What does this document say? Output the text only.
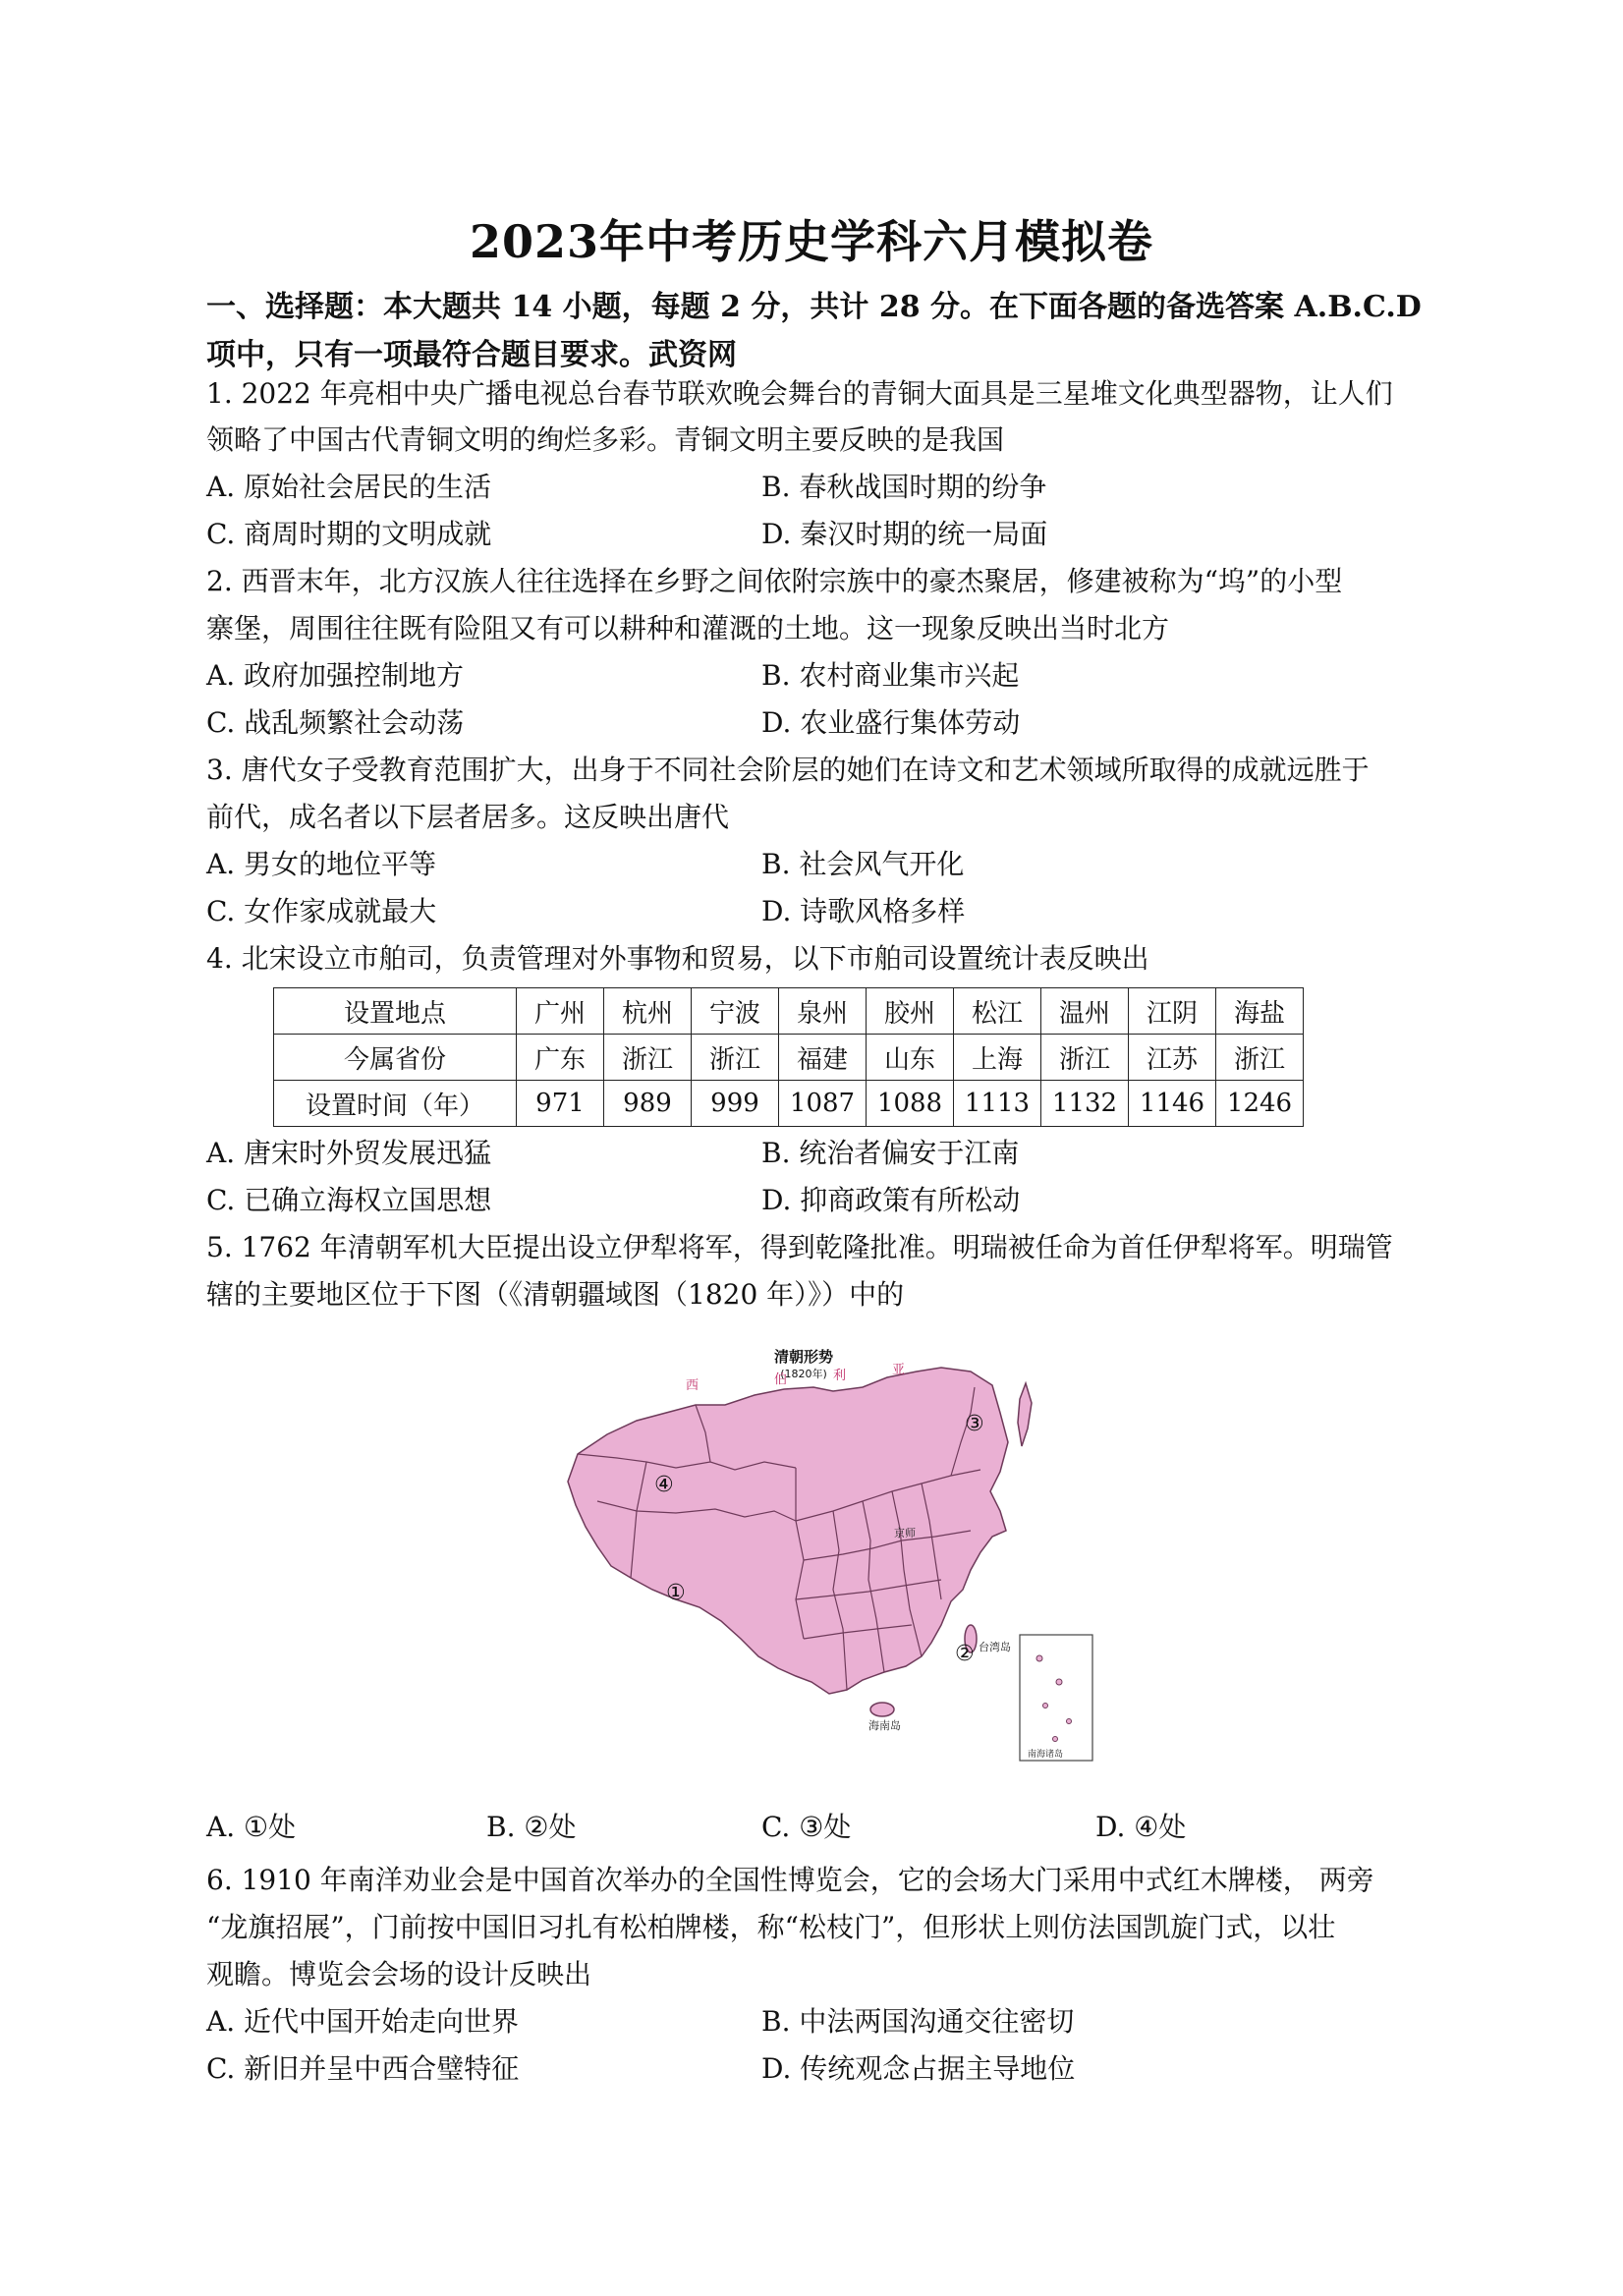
2023年中考历史学科六月模拟卷
一、选择题：本大题共 14 小题，每题 2 分，共计 28 分。在下面各题的备选答案 A.B.C.D
项中，只有一项最符合题目要求。武资网
1. 2022 年亮相中央广播电视总台春节联欢晚会舞台的青铜大面具是三星堆文化典型器物，让人们
领略了中国古代青铜文明的绚烂多彩。青铜文明主要反映的是我国
A. 原始社会居民的生活	B. 春秋战国时期的纷争
C. 商周时期的文明成就	D. 秦汉时期的统一局面
2. 西晋末年，北方汉族人往往选择在乡野之间依附宗族中的豪杰聚居，修建被称为“坞”的小型
寨堡，周围往往既有险阻又有可以耕种和灌溉的土地。这一现象反映出当时北方
A. 政府加强控制地方	B. 农村商业集市兴起
C. 战乱频繁社会动荡	D. 农业盛行集体劳动
3. 唐代女子受教育范围扩大，出身于不同社会阶层的她们在诗文和艺术领域所取得的成就远胜于
前代，成名者以下层者居多。这反映出唐代
A. 男女的地位平等	B. 社会风气开化
C. 女作家成就最大	D. 诗歌风格多样
4. 北宋设立市舶司，负责管理对外事物和贸易，以下市舶司设置统计表反映出
设置地点	广州	杭州	宁波	泉州	胶州	松江	温州	江阴	海盐
今属省份	广东	浙江	浙江	福建	山东	上海	浙江	江苏	浙江
设置时间（年）	971	989	999	1087	1088	1113	1132	1146	1246
A. 唐宋时外贸发展迅猛	B. 统治者偏安于江南
C. 已确立海权立国思想	D. 抑商政策有所松动
5. 1762 年清朝军机大臣提出设立伊犁将军，得到乾隆批准。明瑞被任命为首任伊犁将军。明瑞管
辖的主要地区位于下图（《清朝疆域图（1820 年）》）中的
清朝形势
(1820年)
西	伯	利	亚
京师
海南岛
台湾岛
南海诸岛
①
②
③
④
A. ①处	B. ②处	C. ③处	D. ④处
6. 1910 年南洋劝业会是中国首次举办的全国性博览会，它的会场大门采用中式红木牌楼， 两旁
“龙旗招展”，门前按中国旧习扎有松柏牌楼，称“松枝门”，但形状上则仿法国凯旋门式，以壮
观瞻。博览会会场的设计反映出
A. 近代中国开始走向世界	B. 中法两国沟通交往密切
C. 新旧并呈中西合璧特征	D. 传统观念占据主导地位
